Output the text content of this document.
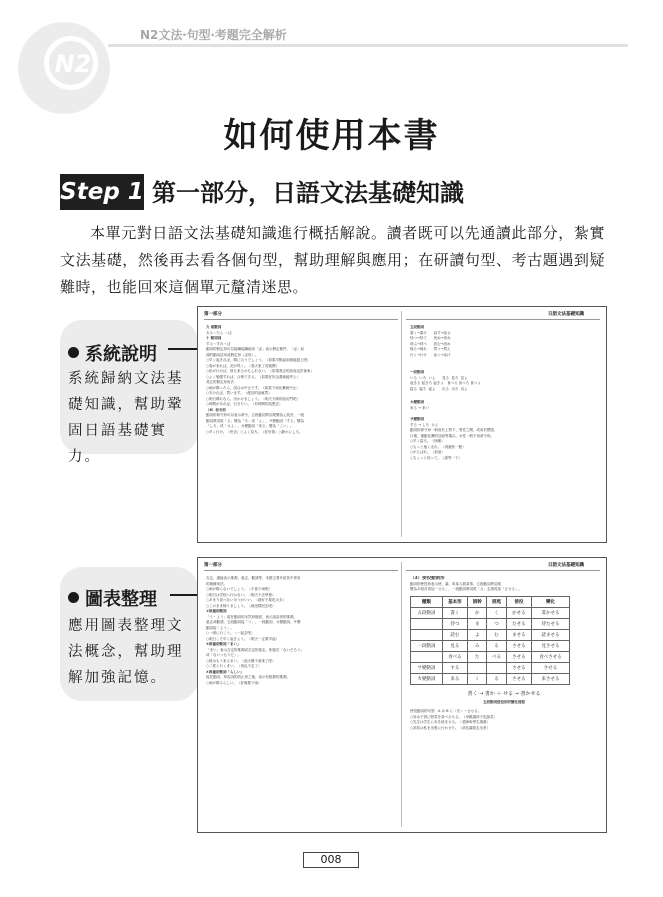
N2
N2文法‧句型‧考題完全解析
如何使用本書
Step 1 第一部分，日語文法基礎知識
本單元對日語文法基礎知識進行概括解說。讀者既可以先通讀此部分，紮實文法基礎，然後再去看各個句型，幫助理解與應用；在研讀句型、考古題遇到疑難時，也能回來這個單元釐清迷思。
系統說明
系統歸納文法基礎知識，幫助鞏固日語基礎實力。
圖表整理
應用圖表整理文法概念，幫助理解加強記憶。
第一部分	日語文法基礎知識
力 複數詞
ある～たら ～ば
十 動詞詞
する～すれ～ば
動詞的假定形可以接續接續助詞「ば」表示假定條件，「ば」前
面的動詞活用成假定形（ば形）。
○早く起きれば、間に合うでしょう。（如果早點起床就能趕上吧）
○春が来れば、花が咲く。（春天來了花就開）
○私が行けば、彼も来るかもしれない。（如果我去的話他也許會來）
○よく勉強すれば、合格できる。（如果好好念書就能考上）
其它的假定形用法：
○雨が降ったら、試合は中止です。（如果下雨比賽就中止）
○安ければ、買います。（便宜的話就買）
○明日晴れなら、出かけましょう。（明天天晴的話出門吧）
○時間があれば、行きたい。（有時間的話想去）
（6）命令形
動詞的命令形可以表示命令，五段動詞將詞尾變為え段音，一段
動詞將詞尾「る」變為「ろ」或「よ」，サ變動詞「する」變為
「しろ」或「せよ」，カ變動詞「来る」變為「こい」。
○早く行け。（快去）○よく見ろ。（好好看）○静かにしろ。
五段動詞
書く→書け      話す→話せ
待つ→待て      死ぬ→死ね
呼ぶ→呼べ      読む→読め
帰る→帰れ      買う→買え
行く→行け      泳ぐ→泳げ
一段動詞
いる  いろ  いよ      見る  見ろ  見よ
起きる 起きろ 起きよ   食べる 食べろ 食べよ
寝る  寝ろ  寝よ      出る  出ろ  出よ
カ變動詞
来る → 来い
サ變動詞
する → しろ  せよ
動詞的命令形一般用於上對下、男性之間，或用於標語、
口號、運動比賽的加油等場合。女性一般不用命令形。
○早く寝ろ。（快睡）
○もっと速く走れ。（再跑快一點）
○がんばれ。（加油）
○ちょっと待って。（請等一下）
第一部分	日語文法基礎知識
否定，還能表示推測、意志、勸誘等，本節主要介紹其中常用
的幾種用法。
○雨が降らないでしょう。（不會下雨吧）
○明日は学校へ行かない。（明天不去學校）
○あまり食べないほうがいい。（最好不要吃太多）
○このまま帰りましょう。（就這樣回去吧）
②推量助動詞
「う・よう」接在動詞的未然形後面，表示說話者的推測、
意志或勸誘，五段動詞接「う」，一段動詞、カ變動詞、サ變
動詞接「よう」。
○一緒に行こう。（一起去吧）
○明日こそ早く起きよう。（明天一定要早起）
③推量助動詞「まい」
「まい」表示否定的推測或否定的意志，相當於「ないだろう」
或「ないつもりだ」。
○彼はもう来るまい。（他大概不會來了吧）
○二度と行くまい。（再也不去了）
④推量助動詞「らしい」
接在動詞、形容詞的終止形之後，表示有根據的推測。
○雨が降るらしい。（好像要下雨）
（3）使役動詞形
動詞的使役形表示使、讓、叫某人做某事，五段動詞將詞尾
變為あ段音再加「せる」，一段動詞將詞尾「る」去掉再加「させる」。
種類	基本形	詞幹	詞尾	使役	變化
五段動詞	書く	か	く	かせる	書かせる
	待つ	ま	つ	たせる	待たせる
	読む	よ	む	ませる	読ませる
一段動詞	見る	み	る	させる	見させる
	食べる	た	べる	させる	食べさせる
サ變動詞	する			させる	させる
カ變動詞	来る	く	る	させる	来させる
書く → 書か ＋ せる → 書かせる
五段動詞使役形的變化流程
使役動詞的句型：A は B に（を）～させる。
○母は子供に野菜を食べさせる。（母親讓孩子吃蔬菜）
○先生は学生に本を読ませる。（老師叫學生讀書）
○部長は私を出張に行かせた。（部長讓我去出差）
008
